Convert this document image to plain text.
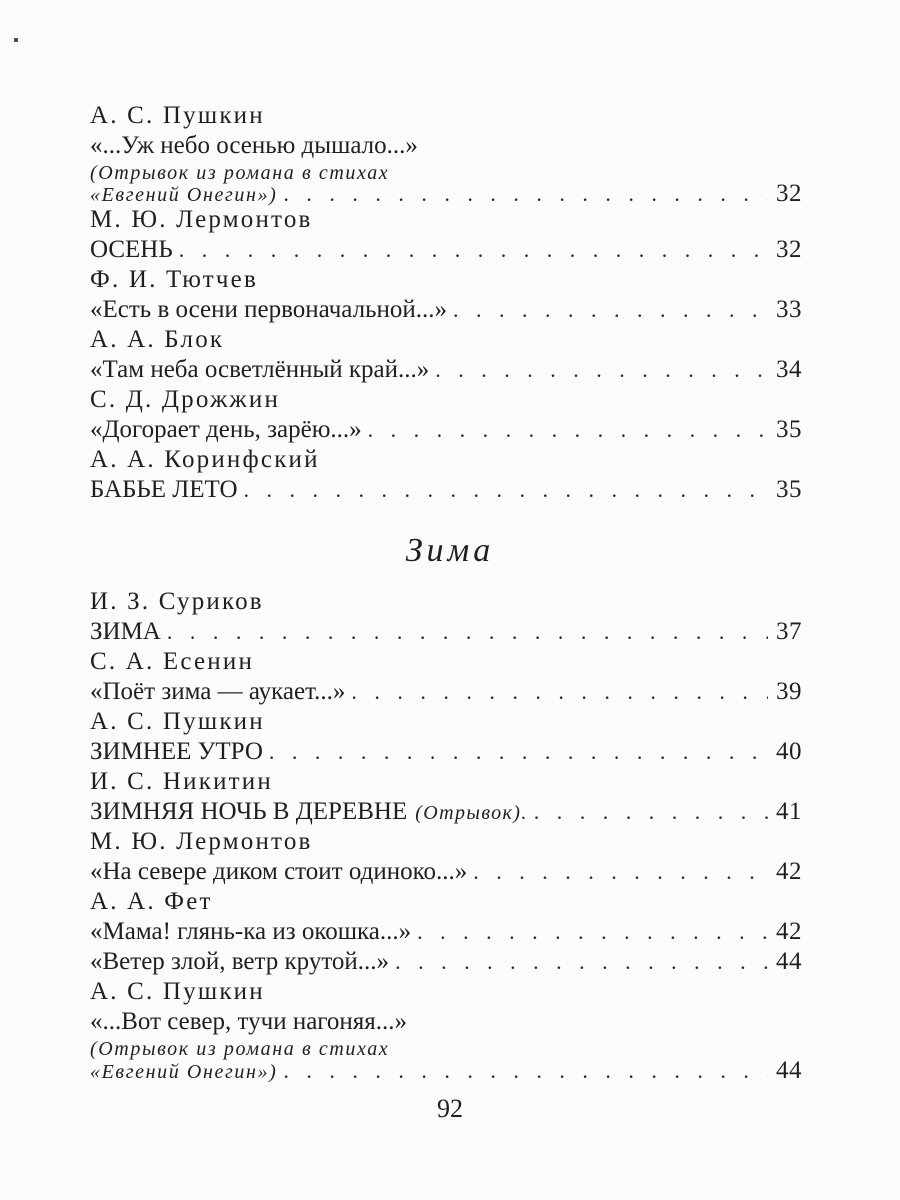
А. С. Пушкин
«...Уж небо осенью дышало...»
(Отрывок из романа в стихах
«Евгений Онегин») . . .	32
М. Ю. Лермонтов
ОСЕНЬ . . .	32
Ф. И. Тютчев
«Есть в осени первоначальной...» . . .	33
А. А. Блок
«Там неба осветлённый край...» . . .	34
С. Д. Дрожжин
«Догорает день, зарёю...» . . .	35
А. А. Коринфский
БАБЬЕ ЛЕТО . . .	35
Зима
И. З. Суриков
ЗИМА . . .	37
С. А. Есенин
«Поёт зима — аукает...» . . .	39
А. С. Пушкин
ЗИМНЕЕ УТРО . . .	40
И. С. Никитин
ЗИМНЯЯ НОЧЬ В ДЕРЕВНЕ (Отрывок). . . .	41
М. Ю. Лермонтов
«На севере диком стоит одиноко...» . . .	42
А. А. Фет
«Мама! глянь-ка из окошка...» . . .	42
«Ветер злой, ветр крутой...» . . .	44
А. С. Пушкин
«...Вот север, тучи нагоняя...»
(Отрывок из романа в стихах
«Евгений Онегин») . . .	44
92
